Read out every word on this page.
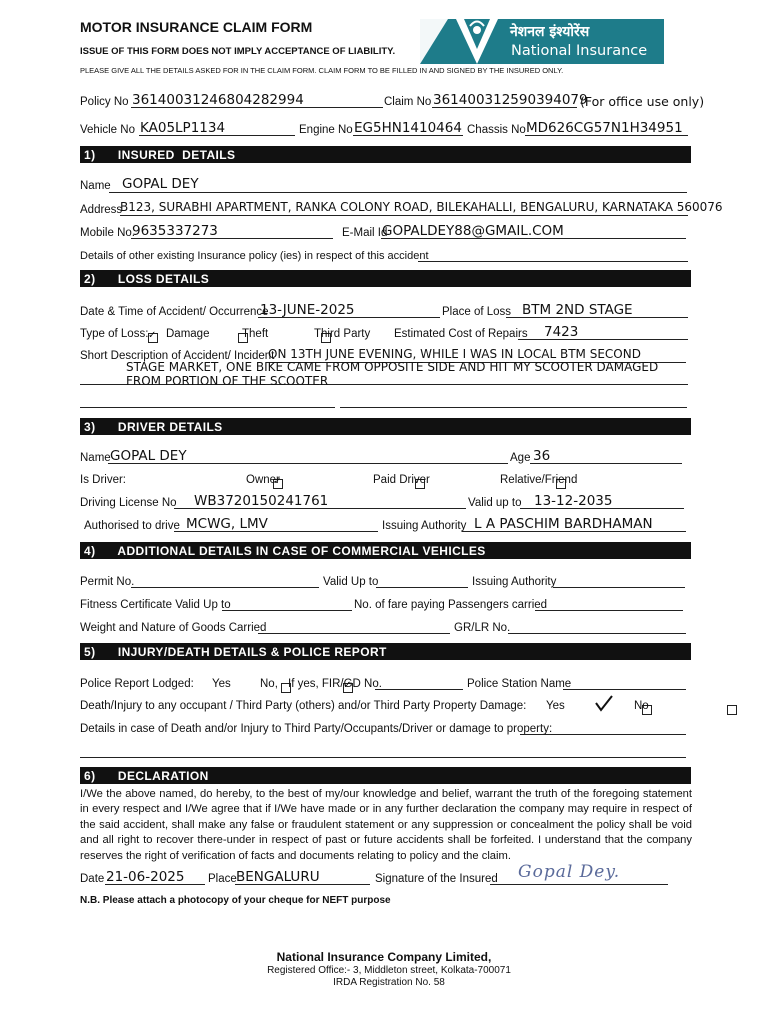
MOTOR INSURANCE CLAIM FORM
ISSUE OF THIS FORM DOES NOT IMPLY ACCEPTANCE OF LIABILITY.
PLEASE GIVE ALL THE DETAILS ASKED FOR IN THE CLAIM FORM. CLAIM FORM TO BE FILLED IN AND SIGNED BY THE INSURED ONLY.
नेशनल इंश्योरेंस
National Insurance
Policy No 36140031246804282994	Claim No 361400312590394079
(For office use only)
Vehicle No KA05LP1134	Engine No EG5HN1410464 Chassis No MD626CG57N1H34951
1)      INSURED  DETAILS
Name GOPAL DEY
Address
B123, SURABHI APARTMENT, RANKA COLONY ROAD, BILEKAHALLI, BENGALURU, KARNATAKA 560076
Mobile No.
9635337273	E-Mail Id
GOPALDEY88@GMAIL.COM
Details of other existing Insurance policy (ies) in respect of this accident
2)      LOSS DETAILS
Date & Time of Accident/ Occurrence
13-JUNE-2025	Place of Loss BTM 2ND STAGE
Type of Loss:
✓ Damage
	Theft
	Third Party Estimated Cost of Repairs 7423
Short Description of Accident/ Incident
ON 13TH JUNE EVENING, WHILE I WAS IN LOCAL BTM SECOND
STAGE MARKET, ONE BIKE CAME FROM OPPOSITE SIDE AND HIT MY SCOOTER DAMAGED
FROM PORTION OF THE SCOOTER
3)      DRIVER DETAILS
Name GOPAL DEY	Age 36
Is Driver:
✓	Owner
	Paid Driver
	Relative/Friend
Driving License No WB3720150241761	Valid up to 13-12-2035
Authorised to drive MCWG, LMV	Issuing Authority L A PASCHIM BARDHAMAN
4)      ADDITIONAL DETAILS IN CASE OF COMMERCIAL VEHICLES
Permit No.	Valid Up to	Issuing Authority
Fitness Certificate Valid Up to	No. of fare paying Passengers carried
Weight and Nature of Goods Carried	GR/LR No.
5)      INJURY/DEATH DETAILS & POLICE REPORT
Police Report Lodged:
Yes
✓	No, If yes, FIR/GD No.	Police Station Name
Death/Injury to any occupant / Third Party (others) and/or Third Party Property Damage:
Yes	No
Details in case of Death and/or Injury to Third Party/Occupants/Driver or damage to property:
6)      DECLARATION
I/We the above named, do hereby, to the best of my/our knowledge and belief, warrant the truth of the foregoing statement in every respect and I/We agree that if I/We have made or in any further declaration the company may require in respect of the said accident, shall make any false or fraudulent statement or any suppression or concealment the policy shall be void and all right to recover there-under in respect of past or future accidents shall be forfeited. I understand that the company reserves the right of verification of facts and documents relating to policy and the claim.
Date 21-06-2025 Place BENGALURU	Signature of the Insured Gopal Dey.
N.B. Please attach a photocopy of your cheque for NEFT purpose
National Insurance Company Limited,
Registered Office:- 3, Middleton street, Kolkata-700071
IRDA Registration No. 58
